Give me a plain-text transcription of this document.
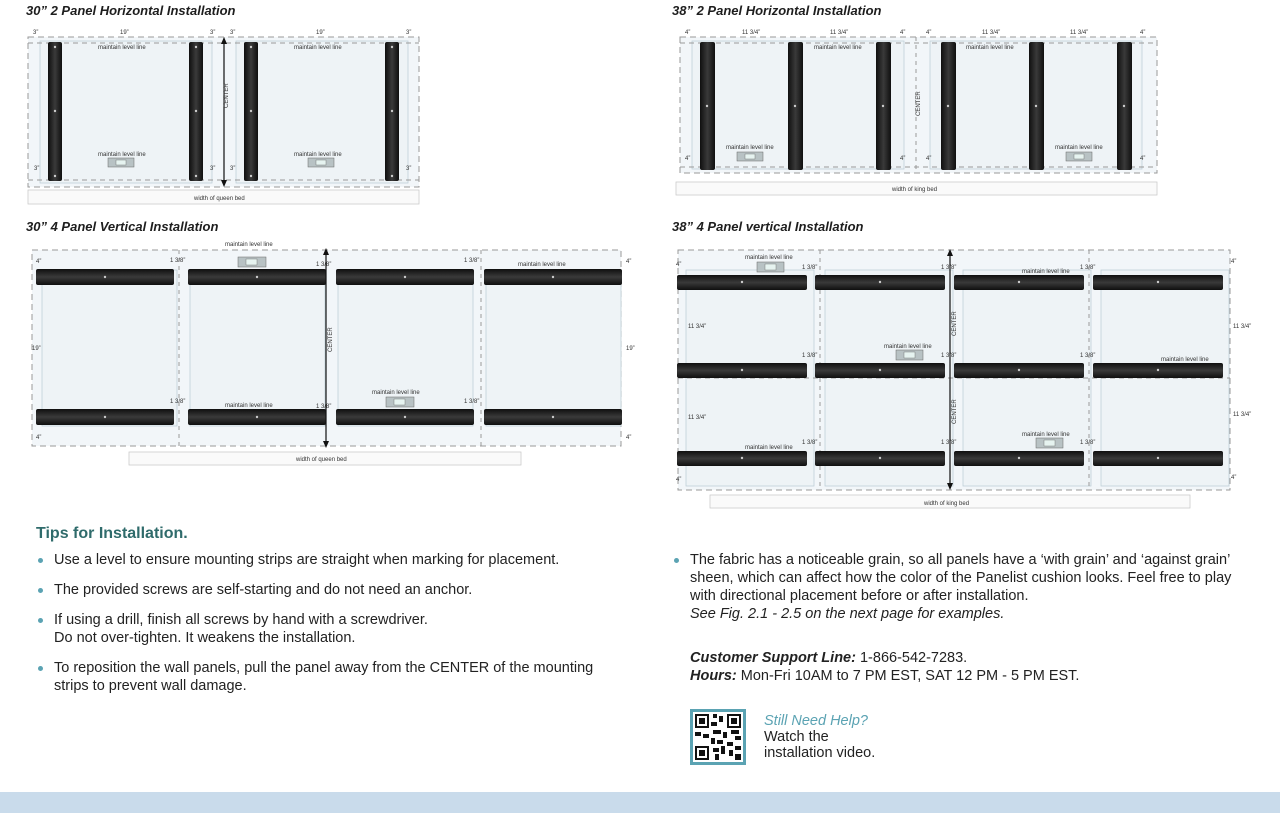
30” 2 Panel Horizontal Installation	38” 2 Panel Horizontal Installation
30” 4 Panel Vertical Installation	38” 4 Panel vertical Installation
CENTER
3”	19”	3” 3”	19”	3”
maintain level line	maintain level line
maintain level line	maintain level line
3”	3” 3”	3”
width of queen bed
CENTER
4”	11 3/4”	11 3/4”	4”	4”	11 3/4”	11 3/4”	4”
maintain level line	maintain level line
maintain level line	maintain level line
4”	4”	4”	4”
width of king bed
CENTER
4”	4”
4”	4”
19”	19”
1 3/8”
1 3/8”
1 3/8”
1 3/8”
1 3/8”
1 3/8”
maintain level line
maintain level line
maintain level line
maintain level line
width of queen bed
CENTER
CENTER
4”	4”
4”	4”
11 3/4”
11 3/4”
11 3/4”
11 3/4”
1 3/8”	1 3/8”	1 3/8”
1 3/8”	1 3/8”	1 3/8”
1 3/8”	1 3/8”	1 3/8”
maintain level line
maintain level line
maintain level line
maintain level line
maintain level line
maintain level line
width of king bed
Tips for Installation.
Use a level to ensure mounting strips are straight when marking for placement.
The provided screws are self-starting and do not need an anchor.
If using a drill, finish all screws by hand with a screwdriver.
Do not over-tighten. It weakens the installation.
To reposition the wall panels, pull the panel away from the CENTER of the mounting strips to prevent wall damage.
The fabric has a noticeable grain, so all panels have a ‘with grain’ and ‘against grain’ sheen, which can affect how the color of the Panelist cushion looks. Feel free to play with directional placement before or after installation.
See Fig. 2.1 - 2.5 on the next page for examples.
Customer Support Line: 1-866-542-7283.
Hours: Mon-Fri 10AM to 7 PM EST, SAT 12 PM - 5 PM EST.
Still Need Help?
Watch the
installation video.
